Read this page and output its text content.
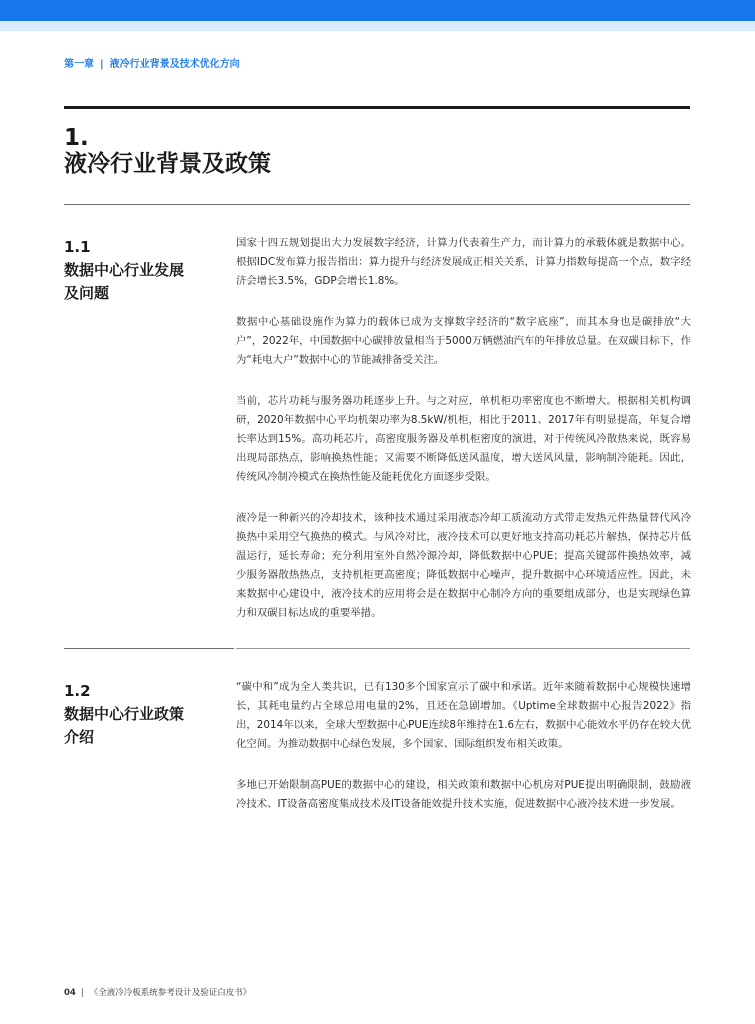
第一章 | 液冷行业背景及技术优化方向
1.
液冷行业背景及政策
1.1
数据中心行业发展
及问题

国家十四五规划提出大力发展数字经济，计算力代表着生产力，而计算力的承载体就是数据中心。根据IDC发布算力报告指出：算力提升与经济发展成正相关关系，计算力指数每提高一个点，数字经济会增长3.5%，GDP会增长1.8%。

数据中心基础设施作为算力的载体已成为支撑数字经济的“数字底座”，而其本身也是碳排放“大户”，2022年，中国数据中心碳排放量相当于5000万辆燃油汽车的年排放总量。在双碳目标下，作为“耗电大户”数据中心的节能减排备受关注。

当前，芯片功耗与服务器功耗逐步上升。与之对应，单机柜功率密度也不断增大。根据相关机构调研，2020年数据中心平均机架功率为8.5kW/机柜，相比于2011、2017年有明显提高，年复合增长率达到15%。高功耗芯片，高密度服务器及单机柜密度的演进，对于传统风冷散热来说，既容易出现局部热点，影响换热性能；又需要不断降低送风温度，增大送风风量，影响制冷能耗。因此，传统风冷制冷模式在换热性能及能耗优化方面逐步受限。

液冷是一种新兴的冷却技术，该种技术通过采用液态冷却工质流动方式带走发热元件热量替代风冷换热中采用空气换热的模式。与风冷对比，液冷技术可以更好地支持高功耗芯片解热，保持芯片低温运行，延长寿命；充分利用室外自然冷源冷却，降低数据中心PUE；提高关键部件换热效率，减少服务器散热热点，支持机柜更高密度；降低数据中心噪声，提升数据中心环境适应性。因此，未来数据中心建设中，液冷技术的应用将会是在数据中心制冷方向的重要组成部分，也是实现绿色算力和双碳目标达成的重要举措。

1.2
数据中心行业政策
介绍

“碳中和”成为全人类共识，已有130多个国家宣示了碳中和承诺。近年来随着数据中心规模快速增长，其耗电量约占全球总用电量的2%，且还在急剧增加。《Uptime全球数据中心报告2022》指出，2014年以来，全球大型数据中心PUE连续8年维持在1.6左右，数据中心能效水平仍存在较大优化空间。为推动数据中心绿色发展，多个国家、国际组织发布相关政策。

多地已开始限制高PUE的数据中心的建设，相关政策和数据中心机房对PUE提出明确限制，鼓励液冷技术、IT设备高密度集成技术及IT设备能效提升技术实施，促进数据中心液冷技术进一步发展。

04 | 《全液冷冷板系统参考设计及验证白皮书》
